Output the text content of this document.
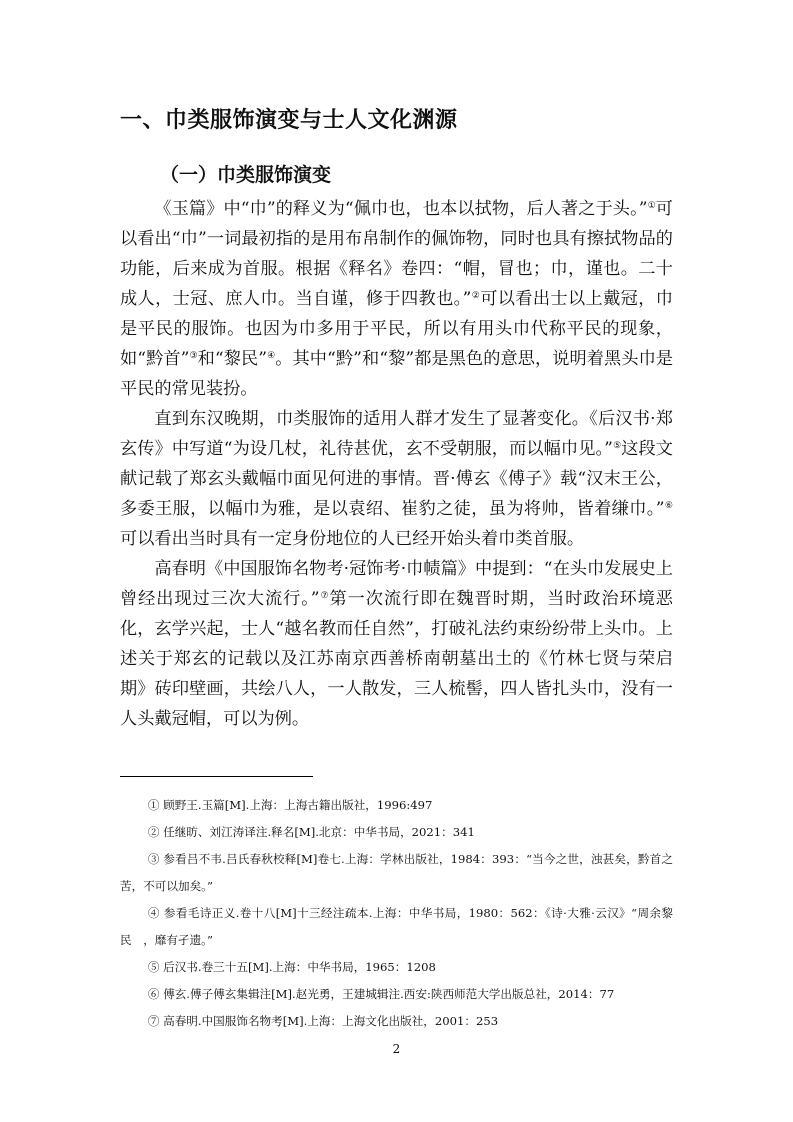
一、巾类服饰演变与士人文化渊源
（一）巾类服饰演变

《玉篇》中“巾”的释义为“佩巾也，也本以拭物，后人著之于头。”①可以看出“巾”一词最初指的是用布帛制作的佩饰物，同时也具有擦拭物品的功能，后来成为首服。根据《释名》卷四：“帽，冒也；巾，谨也。二十成人，士冠、庶人巾。当自谨，修于四教也。”②可以看出士以上戴冠，巾是平民的服饰。也因为巾多用于平民，所以有用头巾代称平民的现象，如“黔首”③和“黎民”④。其中“黔”和“黎”都是黑色的意思，说明着黑头巾是平民的常见装扮。

直到东汉晚期，巾类服饰的适用人群才发生了显著变化。《后汉书·郑玄传》中写道“为设几杖，礼待甚优，玄不受朝服，而以幅巾见。”⑤这段文献记载了郑玄头戴幅巾面见何进的事情。晋·傅玄《傅子》载“汉末王公，多委王服，以幅巾为雅，是以袁绍、崔豹之徒，虽为将帅，皆着缣巾。”⑥可以看出当时具有一定身份地位的人已经开始头着巾类首服。

高春明《中国服饰名物考·冠饰考·巾帻篇》中提到：“在头巾发展史上曾经出现过三次大流行。”⑦第一次流行即在魏晋时期，当时政治环境恶化，玄学兴起，士人“越名教而任自然”，打破礼法约束纷纷带上头巾。上述关于郑玄的记载以及江苏南京西善桥南朝墓出土的《竹林七贤与荣启期》砖印壁画，共绘八人，一人散发，三人梳髻，四人皆扎头巾，没有一人头戴冠帽，可以为例。

① 顾野王.玉篇[M].上海：上海古籍出版社，1996:497

② 任继昉、刘江涛译注.释名[M].北京：中华书局，2021：341

③ 参看吕不韦.吕氏春秋校释[M]卷七.上海：学林出版社，1984：393：“当今之世，浊甚矣，黔首之苦，不可以加矣。”

④ 参看毛诗正义.卷十八[M]十三经注疏本.上海：中华书局，1980：562：《诗·大雅·云汉》“周余黎民　，靡有孑遗。”

⑤ 后汉书.卷三十五[M].上海：中华书局，1965：1208

⑥ 傅玄.傅子傅玄集辑注[M].赵光勇，王建城辑注.西安:陕西师范大学出版总社，2014：77

⑦ 高春明.中国服饰名物考[M].上海：上海文化出版社，2001：253

2
